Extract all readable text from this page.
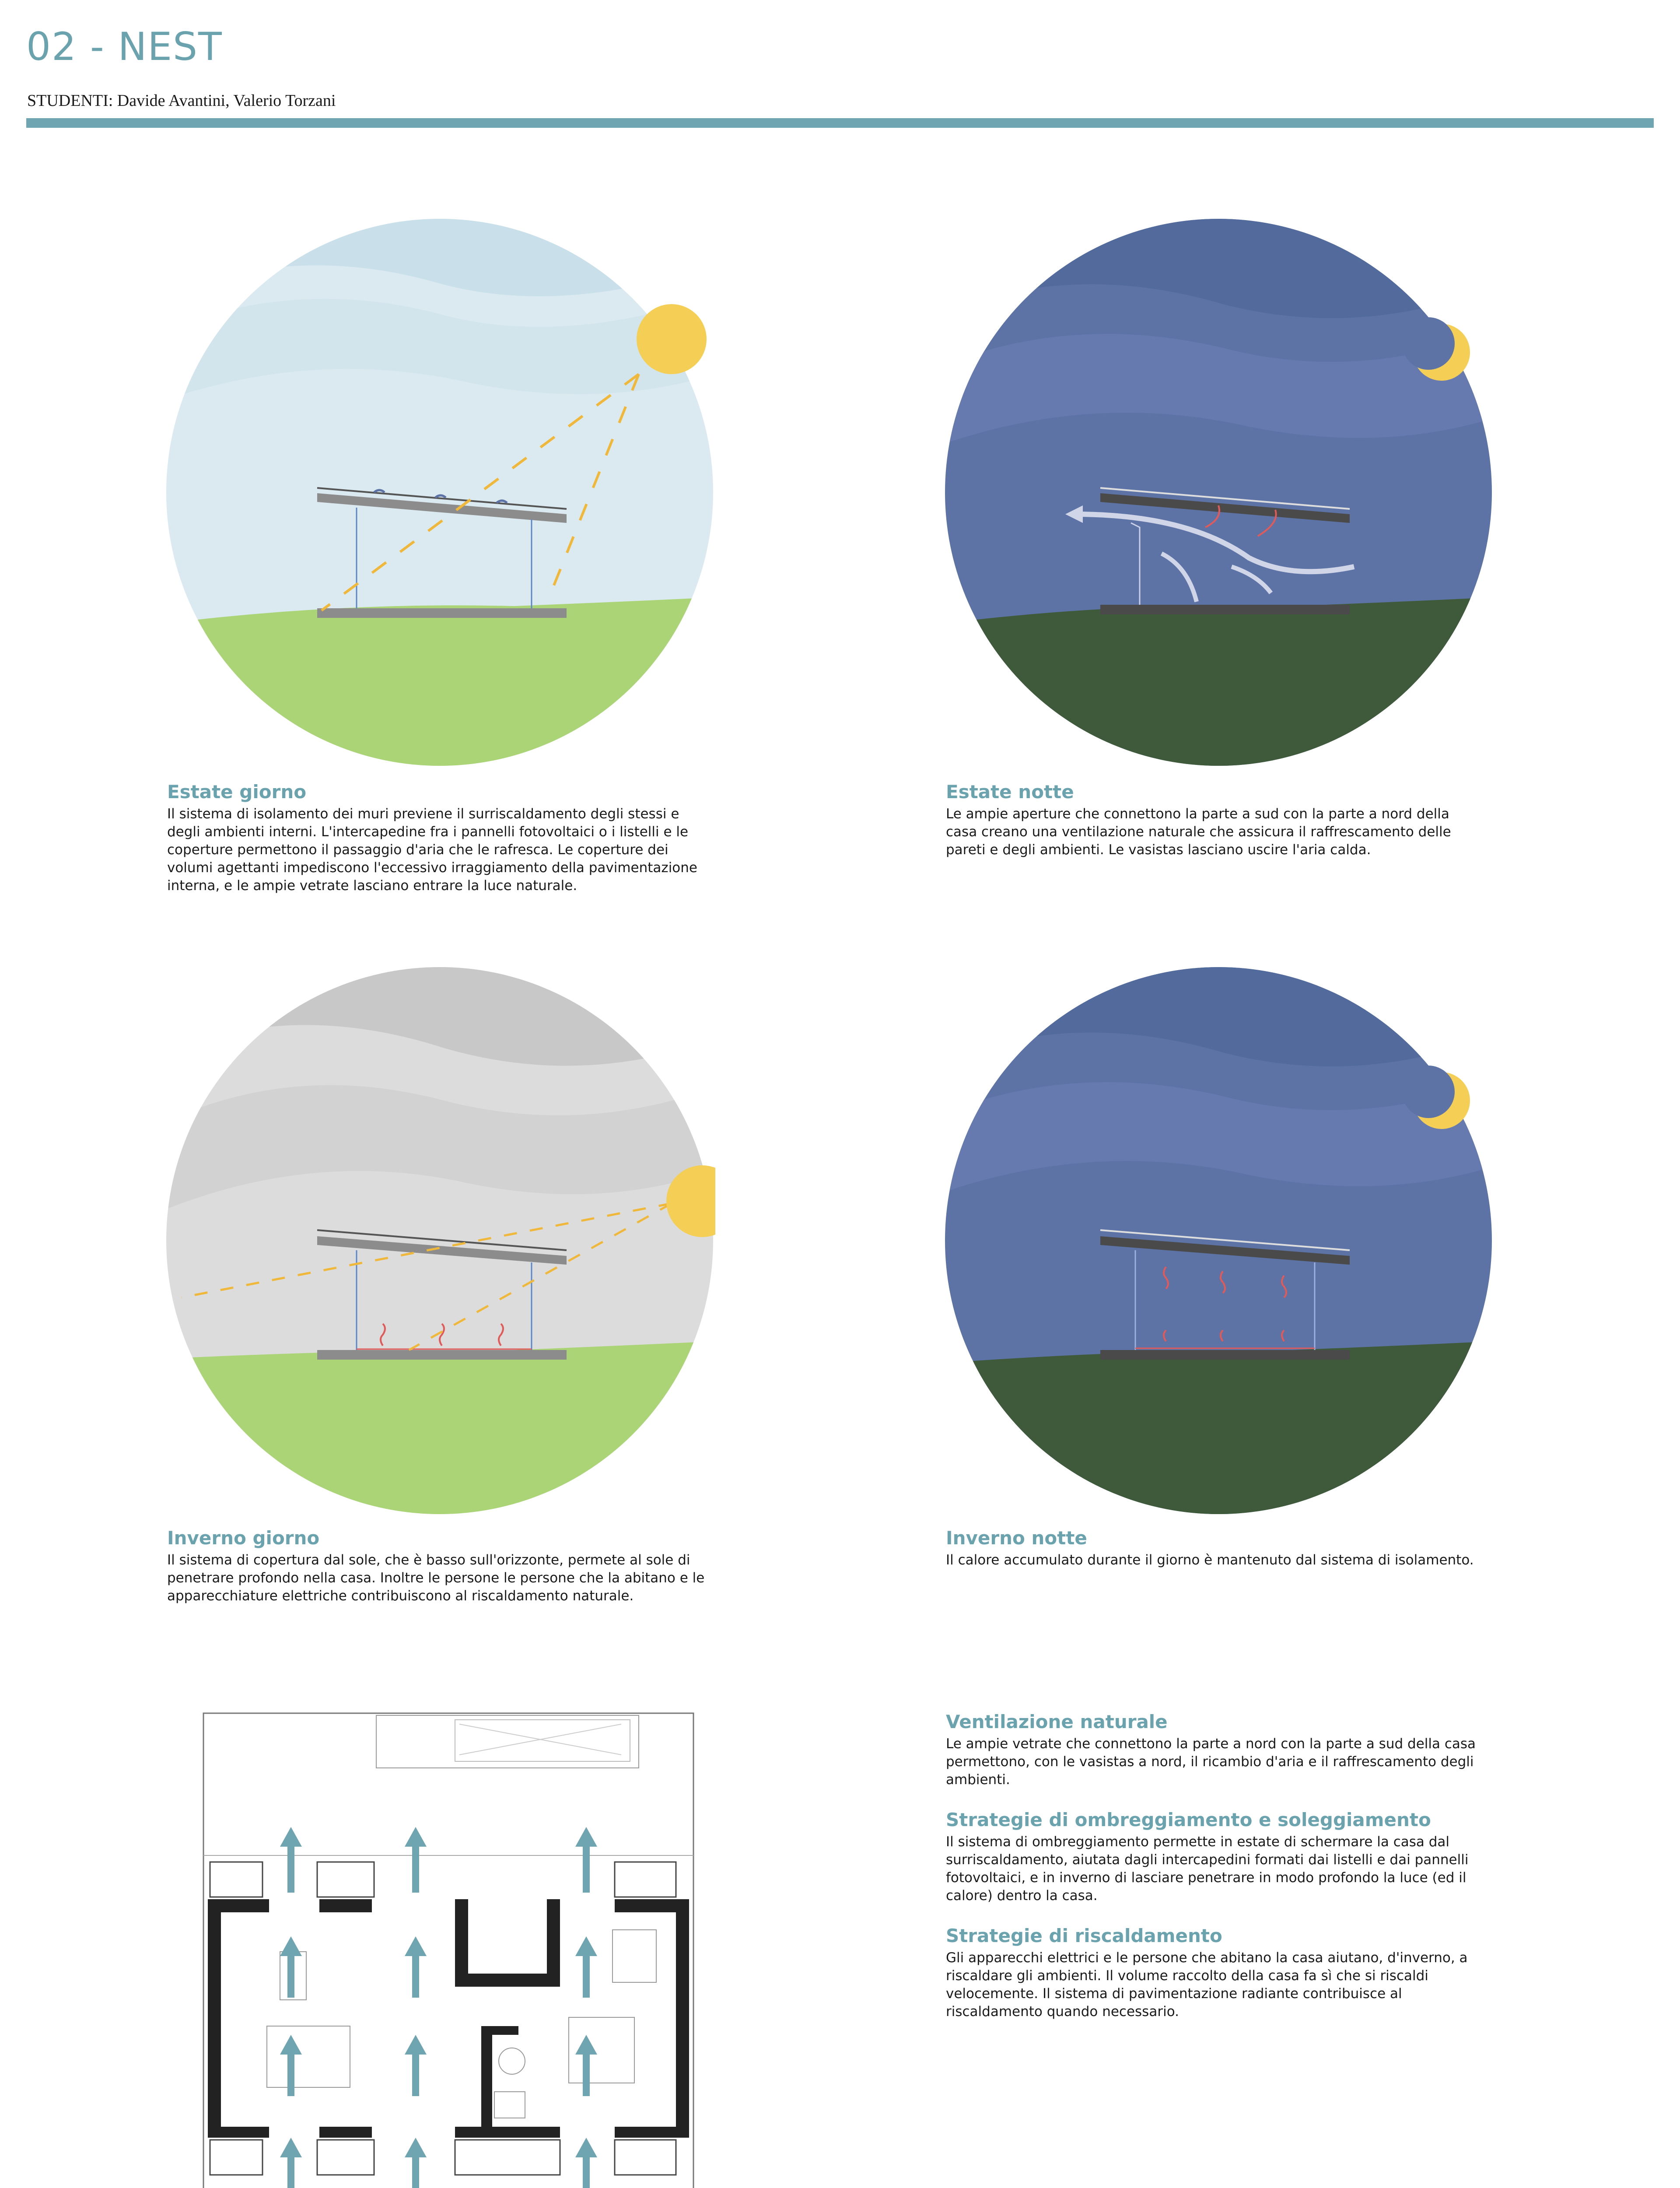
02 - NEST
STUDENTI: Davide Avantini, Valerio Torzani
Estate giorno

Il sistema di isolamento dei muri previene il surriscaldamento degli stessi e degli ambienti interni. L'intercapedine fra i pannelli fotovoltaici o i listelli e le coperture permettono il passaggio d'aria che le rafresca. Le coperture dei volumi agettanti impediscono l'eccessivo irraggiamento della pavimentazione interna, e le ampie vetrate lasciano entrare la luce naturale.

Estate notte

Le ampie aperture che connettono la parte a sud con la parte a nord della casa creano una ventilazione naturale che assicura il raffrescamento delle pareti e degli ambienti. Le vasistas lasciano uscire l'aria calda.

Inverno giorno

Il sistema di copertura dal sole, che è basso sull'orizzonte, permete al sole di penetrare profondo nella casa. Inoltre le persone le persone che la abitano e le apparecchiature elettriche contribuiscono al riscaldamento naturale.

Inverno notte

Il calore accumulato durante il giorno è mantenuto dal sistema di isolamento.

Ventilazione naturale

Le ampie vetrate che connettono la parte a nord con la parte a sud della casa permettono, con le vasistas a nord, il ricambio d'aria e il raffrescamento degli ambienti.

Strategie di ombreggiamento e soleggiamento

Il sistema di ombreggiamento permette in estate di schermare la casa dal surriscaldamento, aiutata dagli intercapedini formati dai listelli e dai pannelli fotovoltaici, e in inverno di lasciare penetrare in modo profondo la luce (ed il calore) dentro la casa.

Strategie di riscaldamento

Gli apparecchi elettrici e le persone che abitano la casa aiutano, d'inverno, a riscaldare gli ambienti. Il volume raccolto della casa fa sì che si riscaldi velocemente. Il sistema di pavimentazione radiante contribuisce al riscaldamento quando necessario.
